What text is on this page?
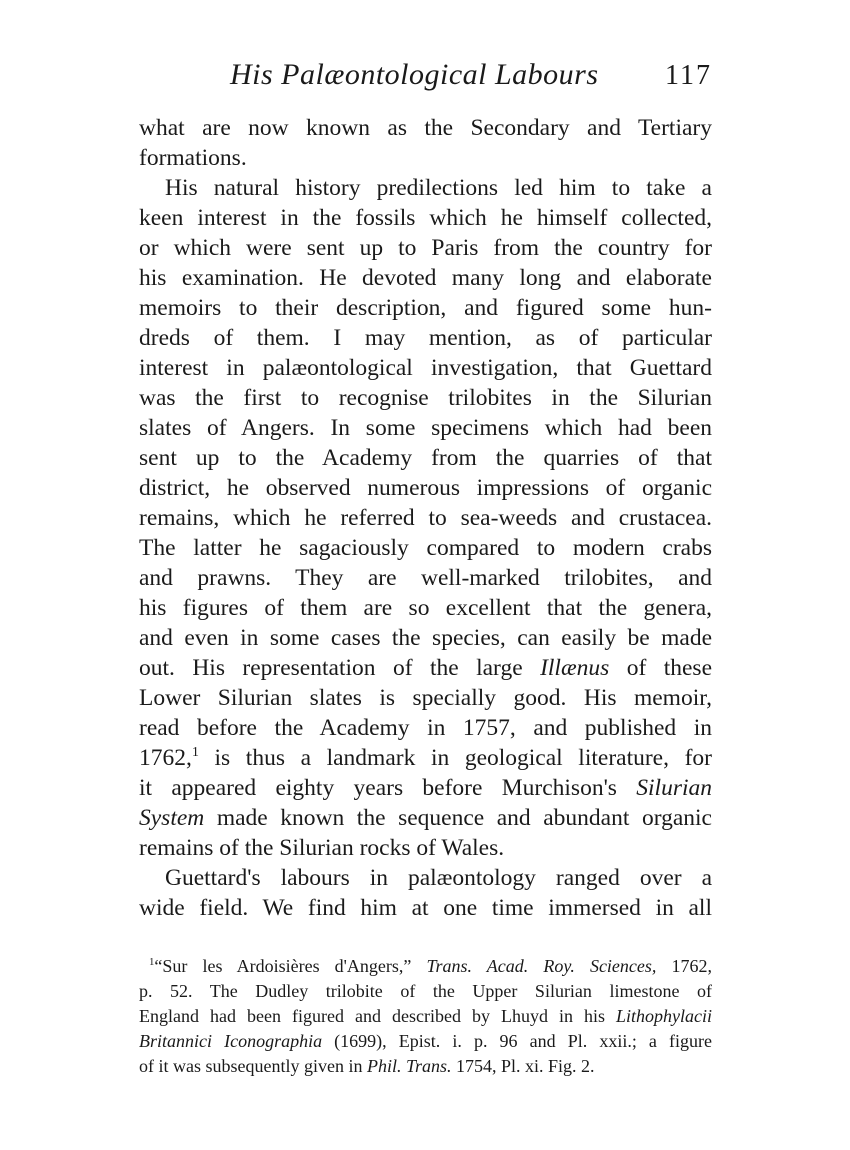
His Palæontological Labours 117
what are now known as the Secondary and Tertiary
formations.
His natural history predilections led him to take a
keen interest in the fossils which he himself collected,
or which were sent up to Paris from the country for
his examination. He devoted many long and elaborate
memoirs to their description, and figured some hun-
dreds of them. I may mention, as of particular
interest in palæontological investigation, that Guettard
was the first to recognise trilobites in the Silurian
slates of Angers. In some specimens which had been
sent up to the Academy from the quarries of that
district, he observed numerous impressions of organic
remains, which he referred to sea-weeds and crustacea.
The latter he sagaciously compared to modern crabs
and prawns. They are well-marked trilobites, and
his figures of them are so excellent that the genera,
and even in some cases the species, can easily be made
out. His representation of the large Illænus of these
Lower Silurian slates is specially good. His memoir,
read before the Academy in 1757, and published in
1762,$^1$ is thus a landmark in geological literature, for
it appeared eighty years before Murchison's Silurian
System made known the sequence and abundant organic
remains of the Silurian rocks of Wales.
Guettard's labours in palæontology ranged over a
wide field. We find him at one time immersed in all
$^1$“Sur les Ardoisières d'Angers,” Trans. Acad. Roy. Sciences, 1762,
p. 52. The Dudley trilobite of the Upper Silurian limestone of
England had been figured and described by Lhuyd in his Lithophylacii
Britannici Iconographia (1699), Epist. i. p. 96 and Pl. xxii.; a figure
of it was subsequently given in Phil. Trans. 1754, Pl. xi. Fig. 2.
